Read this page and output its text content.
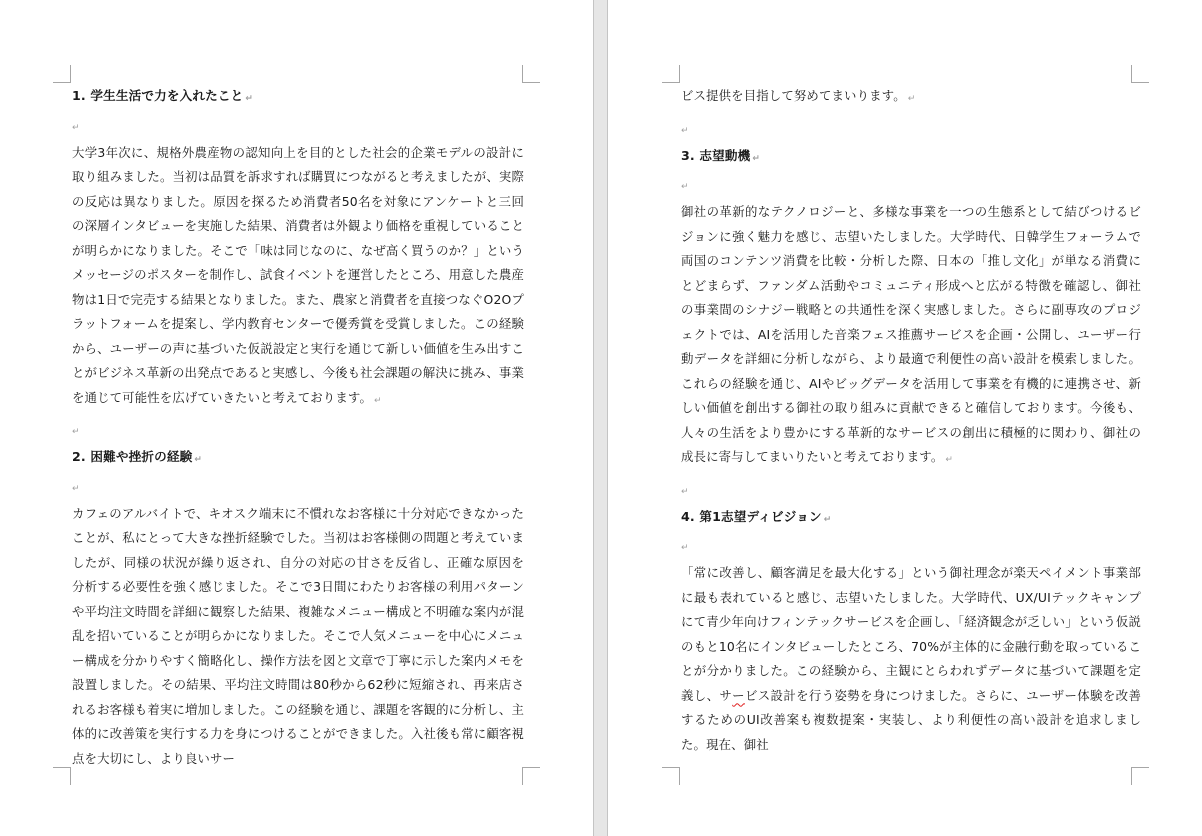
1. 学生生活で力を入れたこと ↵

↵

大学3年次に、規格外農産物の認知向上を目的とした社会的企業モデルの設計に取り組みました。当初は品質を訴求すれば購買につながると考えましたが、実際の反応は異なりました。原因を探るため消費者50名を対象にアンケートと三回の深層インタビューを実施した結果、消費者は外観より価格を重視していることが明らかになりました。そこで「味は同じなのに、なぜ高く買うのか？」というメッセージのポスターを制作し、試食イベントを運営したところ、用意した農産物は1日で完売する結果となりました。また、農家と消費者を直接つなぐO2Oプラットフォームを提案し、学内教育センターで優秀賞を受賞しました。この経験から、ユーザーの声に基づいた仮説設定と実行を通じて新しい価値を生み出すことがビジネス革新の出発点であると実感し、今後も社会課題の解決に挑み、事業を通じて可能性を広げていきたいと考えております。 ↵

↵

2. 困難や挫折の経験 ↵

↵

カフェのアルバイトで、キオスク端末に不慣れなお客様に十分対応できなかったことが、私にとって大きな挫折経験でした。当初はお客様側の問題と考えていましたが、同様の状況が繰り返され、自分の対応の甘さを反省し、正確な原因を分析する必要性を強く感じました。そこで3日間にわたりお客様の利用パターンや平均注文時間を詳細に観察した結果、複雑なメニュー構成と不明確な案内が混乱を招いていることが明らかになりました。そこで人気メニューを中心にメニュー構成を分かりやすく簡略化し、操作方法を図と文章で丁寧に示した案内メモを設置しました。その結果、平均注文時間は80秒から62秒に短縮され、再来店されるお客様も着実に増加しました。この経験を通じ、課題を客観的に分析し、主体的に改善策を実行する力を身につけることができました。入社後も常に顧客視点を大切にし、より良いサー

ビス提供を目指して努めてまいります。 ↵

↵

3. 志望動機 ↵

↵

御社の革新的なテクノロジーと、多様な事業を一つの生態系として結びつけるビジョンに強く魅力を感じ、志望いたしました。大学時代、日韓学生フォーラムで両国のコンテンツ消費を比較・分析した際、日本の「推し文化」が単なる消費にとどまらず、ファンダム活動やコミュニティ形成へと広がる特徴を確認し、御社の事業間のシナジー戦略との共通性を深く実感しました。さらに副専攻のプロジェクトでは、AIを活用した音楽フェス推薦サービスを企画・公開し、ユーザー行動データを詳細に分析しながら、より最適で利便性の高い設計を模索しました。これらの経験を通じ、AIやビッグデータを活用して事業を有機的に連携させ、新しい価値を創出する御社の取り組みに貢献できると確信しております。今後も、人々の生活をより豊かにする革新的なサービスの創出に積極的に関わり、御社の成長に寄与してまいりたいと考えております。 ↵

↵

4. 第1志望ディビジョン ↵

↵

「常に改善し、顧客満足を最大化する」という御社理念が楽天ペイメント事業部に最も表れていると感じ、志望いたしました。大学時代、UX/UIテックキャンプにて青少年向けフィンテックサービスを企画し、「経済観念が乏しい」という仮説のもと10名にインタビューしたところ、70%が主体的に金融行動を取っていることが分かりました。この経験から、主観にとらわれずデータに基づいて課題を定義し、サービス設計を行う姿勢を身につけました。さらに、ユーザー体験を改善するためのUI改善案も複数提案・実装し、より利便性の高い設計を追求しました。現在、御社
